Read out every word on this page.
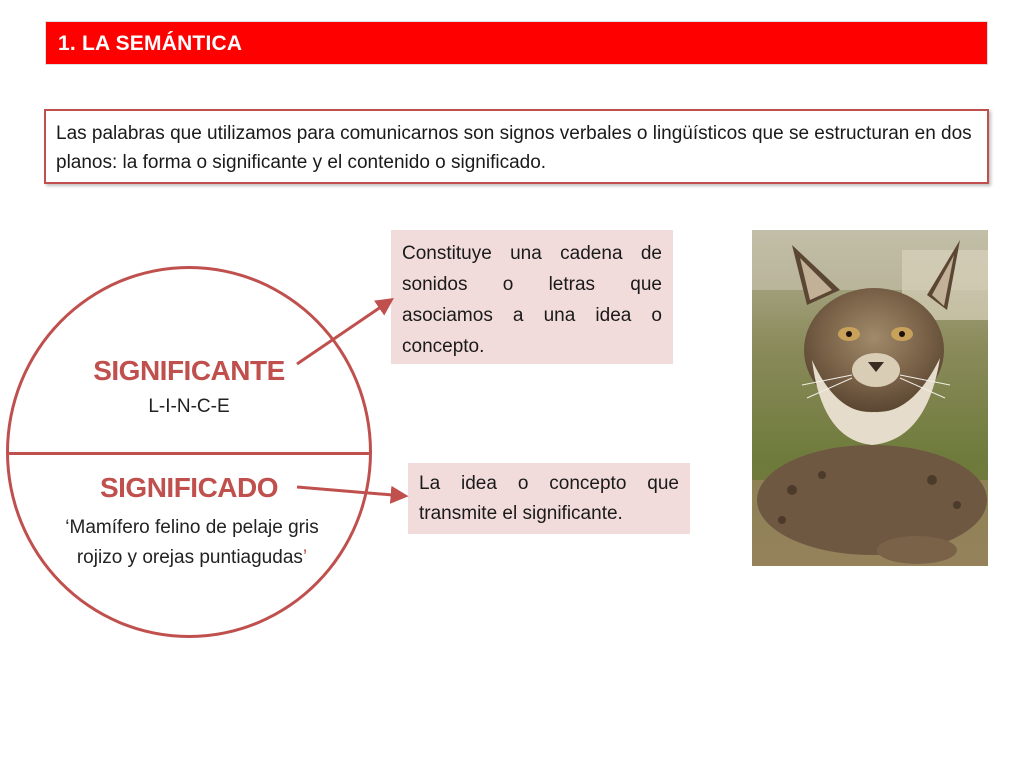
1. LA SEMÁNTICA
Las palabras que utilizamos para comunicarnos son signos verbales o lingüísticos que se estructuran en dos planos: la forma o significante y el contenido o significado.
SIGNIFICANTE
L-I-N-C-E
SIGNIFICADO
‘Mamífero felino de pelaje gris rojizo y orejas puntiagudas’
Constituye una cadena de sonidos o letras que asociamos a una idea o concepto.
La idea o concepto que transmite el significante.
